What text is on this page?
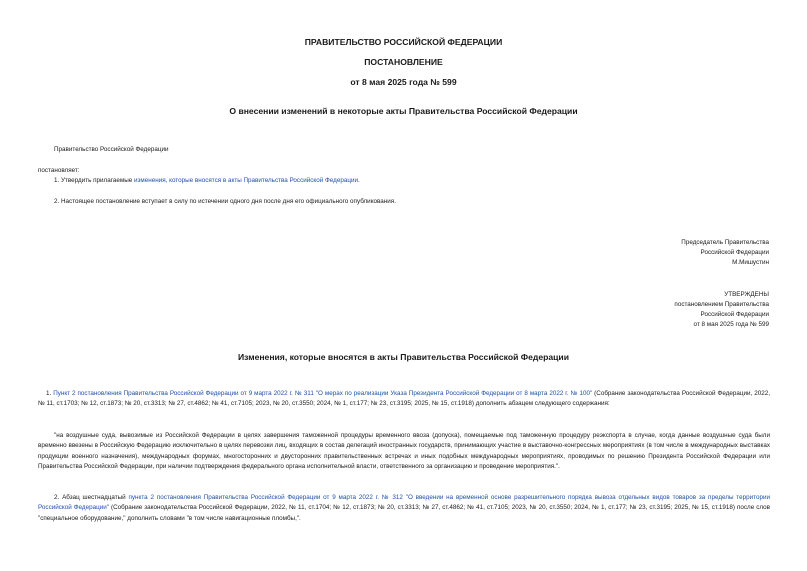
ПРАВИТЕЛЬСТВО РОССИЙСКОЙ ФЕДЕРАЦИИ
ПОСТАНОВЛЕНИЕ
от 8 мая 2025 года № 599
О внесении изменений в некоторые акты Правительства Российской Федерации
Правительство Российской Федерации
постановляет:
1. Утвердить прилагаемые изменения, которые вносятся в акты Правительства Российской Федерации.
2. Настоящее постановление вступает в силу по истечении одного дня после дня его официального опубликования.
Председатель Правительства
Российской Федерации
М.Мишустин
УТВЕРЖДЕНЫ
постановлением Правительства
Российской Федерации
от 8 мая 2025 года № 599
Изменения, которые вносятся в акты Правительства Российской Федерации
1. Пункт 2 постановления Правительства Российской Федерации от 9 марта 2022 г. № 311 "О мерах по реализации Указа Президента Российской Федерации от 8 марта 2022 г. № 100" (Собрание законодательства Российской Федерации, 2022, № 11, ст.1703; № 12, ст.1873; № 20, ст.3313; № 27, ст.4862; № 41, ст.7105; 2023, № 20, ст.3550; 2024, № 1, ст.177; № 23, ст.3195; 2025, № 15, ст.1918) дополнить абзацем следующего содержания:
"на воздушные суда, вывозимые из Российской Федерации в целях завершения таможенной процедуры временного ввоза (допуска), помещаемые под таможенную процедуру реэкспорта в случае, когда данные воздушные суда были временно ввезены в Российскую Федерацию исключительно в целях перевозки лиц, входящих в состав делегаций иностранных государств, принимающих участие в выставочно-конгрессных мероприятиях (в том числе в международных выставках продукции военного назначения), международных форумах, многосторонних и двусторонних правительственных встречах и иных подобных международных мероприятиях, проводимых по решению Президента Российской Федерации или Правительства Российской Федерации, при наличии подтверждения федерального органа исполнительной власти, ответственного за организацию и проведение мероприятия.".
2. Абзац шестнадцатый пункта 2 постановления Правительства Российской Федерации от 9 марта 2022 г. № 312 "О введении на временной основе разрешительного порядка вывоза отдельных видов товаров за пределы территории Российской Федерации" (Собрание законодательства Российской Федерации, 2022, № 11, ст.1704; № 12, ст.1873; № 20, ст.3313; № 27, ст.4862; № 41, ст.7105; 2023, № 20, ст.3550; 2024, № 1, ст.177; № 23, ст.3195; 2025, № 15, ст.1918) после слов "специальное оборудование," дополнить словами "в том числе навигационные пломбы,".
